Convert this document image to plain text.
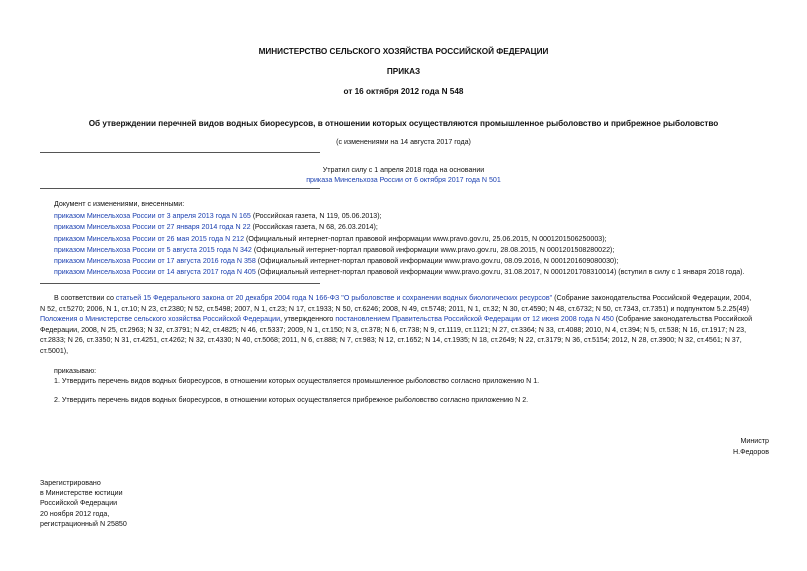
МИНИСТЕРСТВО СЕЛЬСКОГО ХОЗЯЙСТВА РОССИЙСКОЙ ФЕДЕРАЦИИ
ПРИКАЗ
от 16 октября 2012 года N 548
Об утверждении перечней видов водных биоресурсов, в отношении которых осуществляются промышленное рыболовство и прибрежное рыболовство
(с изменениями на 14 августа 2017 года)
Утратил силу с 1 апреля 2018 года на основании
приказа Минсельхоза России от 6 октября 2017 года N 501
Документ с изменениями, внесенными:
приказом Минсельхоза России от 3 апреля 2013 года N 165 (Российская газета, N 119, 05.06.2013);
приказом Минсельхоза России от 27 января 2014 года N 22 (Российская газета, N 68, 26.03.2014);
приказом Минсельхоза России от 26 мая 2015 года N 212 (Официальный интернет-портал правовой информации www.pravo.gov.ru, 25.06.2015, N 0001201506250003);
приказом Минсельхоза России от 5 августа 2015 года N 342 (Официальный интернет-портал правовой информации www.pravo.gov.ru, 28.08.2015, N 0001201508280022);
приказом Минсельхоза России от 17 августа 2016 года N 358 (Официальный интернет-портал правовой информации www.pravo.gov.ru, 08.09.2016, N 0001201609080030);
приказом Минсельхоза России от 14 августа 2017 года N 405 (Официальный интернет-портал правовой информации www.pravo.gov.ru, 31.08.2017, N 0001201708310014) (вступил в силу с 1 января 2018 года).
В соответствии со статьей 15 Федерального закона от 20 декабря 2004 года N 166-ФЗ "О рыболовстве и сохранении водных биологических ресурсов" (Собрание законодательства Российской Федерации, 2004,
N 52, ст.5270; 2006, N 1, ст.10; N 23, ст.2380; N 52, ст.5498; 2007, N 1, ст.23; N 17, ст.1933; N 50, ст.6246; 2008, N 49, ст.5748; 2011, N 1, ст.32; N 30, ст.4590; N 48, ст.6732; N 50, ст.7343, ст.7351) и подпунктом 5.2.25(49)
Положения о Министерстве сельского хозяйства Российской Федерации, утвержденного постановлением Правительства Российской Федерации от 12 июня 2008 года N 450 (Собрание законодательства Российской
Федерации, 2008, N 25, ст.2963; N 32, ст.3791; N 42, ст.4825; N 46, ст.5337; 2009, N 1, ст.150; N 3, ст.378; N 6, ст.738; N 9, ст.1119, ст.1121; N 27, ст.3364; N 33, ст.4088; 2010, N 4, ст.394; N 5, ст.538; N 16, ст.1917; N 23,
ст.2833; N 26, ст.3350; N 31, ст.4251, ст.4262; N 32, ст.4330; N 40, ст.5068; 2011, N 6, ст.888; N 7, ст.983; N 12, ст.1652; N 14, ст.1935; N 18, ст.2649; N 22, ст.3179; N 36, ст.5154; 2012, N 28, ст.3900; N 32, ст.4561; N 37,
ст.5001),
приказываю:
1. Утвердить перечень видов водных биоресурсов, в отношении которых осуществляется промышленное рыболовство согласно приложению N 1.
2. Утвердить перечень видов водных биоресурсов, в отношении которых осуществляется прибрежное рыболовство согласно приложению N 2.
Министр
Н.Федоров
Зарегистрировано
в Министерстве юстиции
Российской Федерации
20 ноября 2012 года,
регистрационный N 25850
